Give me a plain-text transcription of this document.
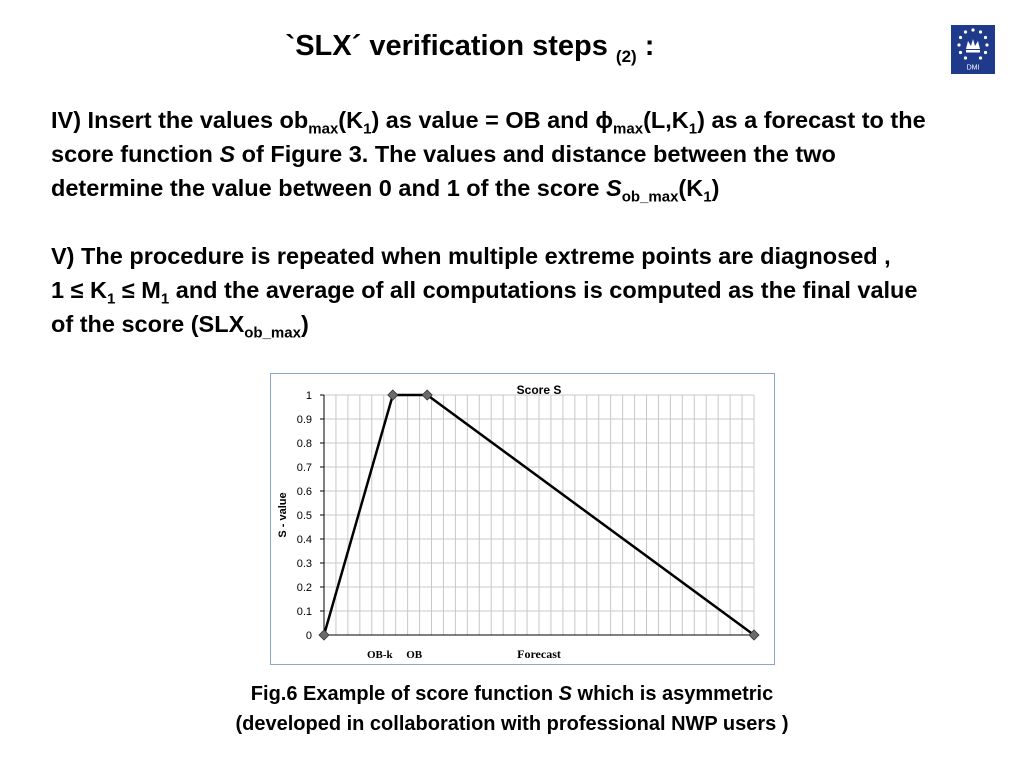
`SLX´ verification steps $_{(2)}$ :
DMI
IV) Insert the values $ob_{max}(K_1)$ as value = OB and $\phi_{max}(L,K_1)$ as a forecast to the
score function S of Figure 3. The values and distance between the two
determine the value between 0 and 1 of the score $S_{ob\_max}(K_1)$
V) The procedure is repeated when multiple extreme points are diagnosed ,
$1 \le K_1 \le M_1$ and the average of all computations is computed as the final value
of the score $(SLX_{ob\_max})$
0
0.1
0.2
0.3
0.4
0.5
0.6
0.7
0.8
0.9
1	Score S
S - value
OB-k OB	Forecast
Fig.6 Example of score function S which is asymmetric
(developed in collaboration with professional NWP users )
